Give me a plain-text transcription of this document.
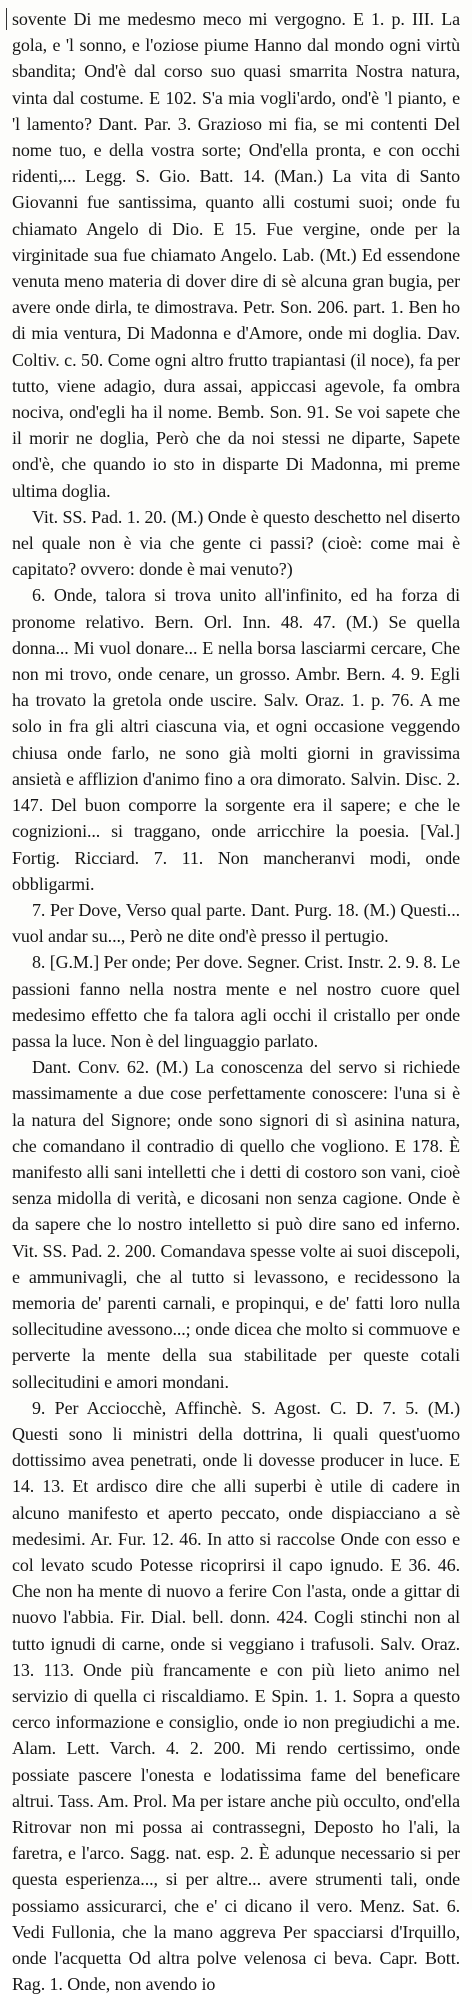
sovente Di me medesmo meco mi vergogno. E 1. p. III. La gola, e 'l sonno, e l'oziose piume Hanno dal mondo ogni virtù sbandita; Ond'è dal corso suo quasi smarrita Nostra natura, vinta dal costume. E 102. S'a mia vogli'ardo, ond'è 'l pianto, e 'l lamento? Dant. Par. 3. Grazioso mi fia, se mi contenti Del nome tuo, e della vostra sorte; Ond'ella pronta, e con occhi ridenti,... Legg. S. Gio. Batt. 14. (Man.) La vita di Santo Giovanni fue santissima, quanto alli costumi suoi; onde fu chiamato Angelo di Dio. E 15. Fue vergine, onde per la virginitade sua fue chiamato Angelo. Lab. (Mt.) Ed essendone venuta meno materia di dover dire di sè alcuna gran bugia, per avere onde dirla, te dimostrava. Petr. Son. 206. part. 1. Ben ho di mia ventura, Di Madonna e d'Amore, onde mi doglia. Dav. Coltiv. c. 50. Come ogni altro frutto trapiantasi (il noce), fa per tutto, viene adagio, dura assai, appiccasi agevole, fa ombra nociva, ond'egli ha il nome. Bemb. Son. 91. Se voi sapete che il morir ne doglia, Però che da noi stessi ne diparte, Sapete ond'è, che quando io sto in disparte Di Madonna, mi preme ultima doglia.

Vit. SS. Pad. 1. 20. (M.) Onde è questo deschetto nel diserto nel quale non è via che gente ci passi? (cioè: come mai è capitato? ovvero: donde è mai venuto?)

6. Onde, talora si trova unito all'infinito, ed ha forza di pronome relativo. Bern. Orl. Inn. 48. 47. (M.) Se quella donna... Mi vuol donare... E nella borsa lasciarmi cercare, Che non mi trovo, onde cenare, un grosso. Ambr. Bern. 4. 9. Egli ha trovato la gretola onde uscire. Salv. Oraz. 1. p. 76. A me solo in fra gli altri ciascuna via, et ogni occasione veggendo chiusa onde farlo, ne sono già molti giorni in gravissima ansietà e afflizion d'animo fino a ora dimorato. Salvin. Disc. 2. 147. Del buon comporre la sorgente era il sapere; e che le cognizioni... si traggano, onde arricchire la poesia. [Val.] Fortig. Ricciard. 7. 11. Non mancheranvi modi, onde obbligarmi.

7. Per Dove, Verso qual parte. Dant. Purg. 18. (M.) Questi... vuol andar su..., Però ne dite ond'è presso il pertugio.

8. [G.M.] Per onde; Per dove. Segner. Crist. Instr. 2. 9. 8. Le passioni fanno nella nostra mente e nel nostro cuore quel medesimo effetto che fa talora agli occhi il cristallo per onde passa la luce. Non è del linguaggio parlato.

Dant. Conv. 62. (M.) La conoscenza del servo si richiede massimamente a due cose perfettamente conoscere: l'una si è la natura del Signore; onde sono signori di sì asinina natura, che comandano il contradio di quello che vogliono. E 178. È manifesto alli sani intelletti che i detti di costoro son vani, cioè senza midolla di verità, e dicosani non senza cagione. Onde è da sapere che lo nostro intelletto si può dire sano ed inferno. Vit. SS. Pad. 2. 200. Comandava spesse volte ai suoi discepoli, e ammunivagli, che al tutto si levassono, e recidessono la memoria de' parenti carnali, e propinqui, e de' fatti loro nulla sollecitudine avessono...; onde dicea che molto si commuove e perverte la mente della sua stabilitade per queste cotali sollecitudini e amori mondani.

9. Per Acciocchè, Affinchè. S. Agost. C. D. 7. 5. (M.) Questi sono li ministri della dottrina, li quali quest'uomo dottissimo avea penetrati, onde li dovesse producer in luce. E 14. 13. Et ardisco dire che alli superbi è utile di cadere in alcuno manifesto et aperto peccato, onde dispiacciano a sè medesimi. Ar. Fur. 12. 46. In atto si raccolse Onde con esso e col levato scudo Potesse ricoprirsi il capo ignudo. E 36. 46. Che non ha mente di nuovo a ferire Con l'asta, onde a gittar di nuovo l'abbia. Fir. Dial. bell. donn. 424. Cogli stinchi non al tutto ignudi di carne, onde si veggiano i trafusoli. Salv. Oraz. 13. 113. Onde più francamente e con più lieto animo nel servizio di quella ci riscaldiamo. E Spin. 1. 1. Sopra a questo cerco informazione e consiglio, onde io non pregiudichi a me. Alam. Lett. Varch. 4. 2. 200. Mi rendo certissimo, onde possiate pascere l'onesta e lodatissima fame del beneficare altrui. Tass. Am. Prol. Ma per istare anche più occulto, ond'ella Ritrovar non mi possa ai contrassegni, Deposto ho l'ali, la faretra, e l'arco. Sagg. nat. esp. 2. È adunque necessario si per questa esperienza..., si per altre... avere strumenti tali, onde possiamo assicurarci, che e' ci dicano il vero. Menz. Sat. 6. Vedi Fullonia, che la mano aggreva Per spacciarsi d'Irquillo, onde l'acquetta Od altra polve velenosa ci beva. Capr. Bott. Rag. 1. Onde, non avendo io
